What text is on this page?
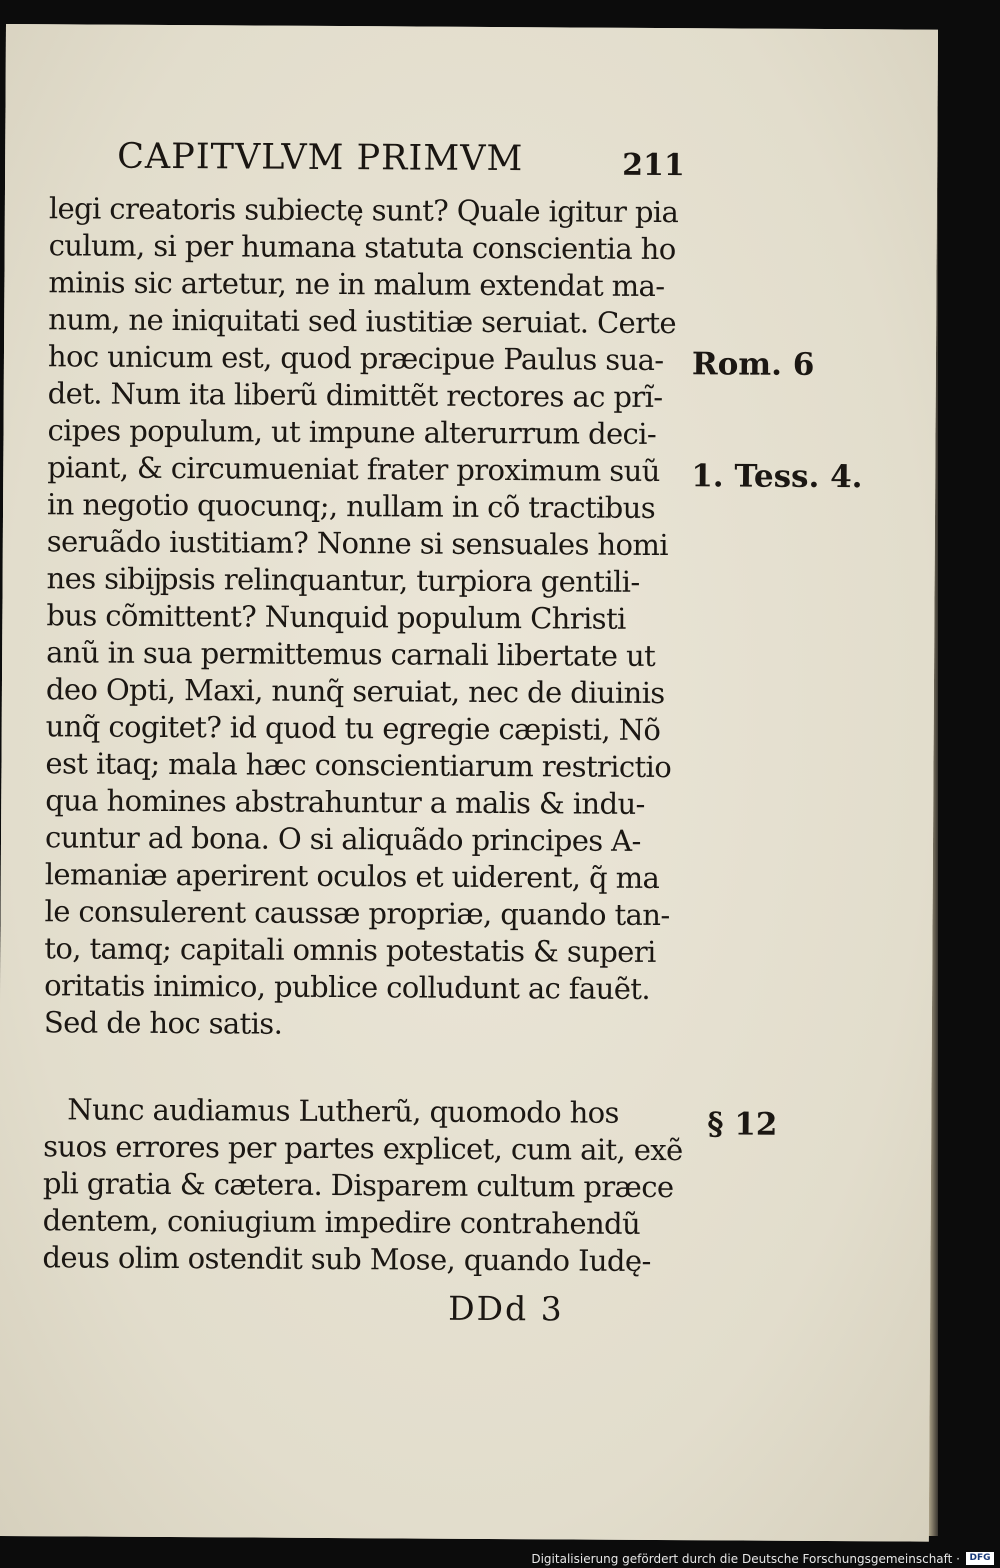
CAPITVLVM PRIMVM	211
legi creatoris subiectę sunt? Quale igitur pia
culum, si per humana statuta conscientia ho
minis sic artetur, ne in malum extendat ma-
num, ne iniquitati sed iustitiæ seruiat. Certe
hoc unicum est, quod præcipue Paulus sua-
det. Num ita liberũ dimittẽt rectores ac prĩ-
cipes populum, ut impune alterurrum deci-
piant, & circumueniat frater proximum suũ
in negotio quocunq;, nullam in cõ tractibus
seruãdo iustitiam? Nonne si sensuales homi
nes sibĳpsis relinquantur, turpiora gentili-
bus cõmittent? Nunquid populum Christi
anũ in sua permittemus carnali libertate ut
deo Opti, Maxi, nunq̃ seruiat, nec de diuinis
unq̃ cogitet? id quod tu egregie cæpisti, Nõ
est itaq; mala hæc conscientiarum restrictio
qua homines abstrahuntur a malis & indu-
cuntur ad bona. O si aliquãdo principes A-
lemaniæ aperirent oculos et uiderent, q̃ ma
le consulerent caussæ propriæ, quando tan-
to, tamq; capitali omnis potestatis & superi
oritatis inimico, publice colludunt ac fauẽt.
Sed de hoc satis.
Nunc audiamus Lutherũ, quomodo hos
suos errores per partes explicet, cum ait, exẽ
pli gratia & cætera. Disparem cultum præce
dentem, coniugium impedire contrahendũ
deus olim ostendit sub Mose, quando Iudę-
Rom. 6
1. Tess. 4.
§ 12
DDd 3
Digitalisierung gefördert durch die Deutsche Forschungsgemeinschaft ·	DFG
